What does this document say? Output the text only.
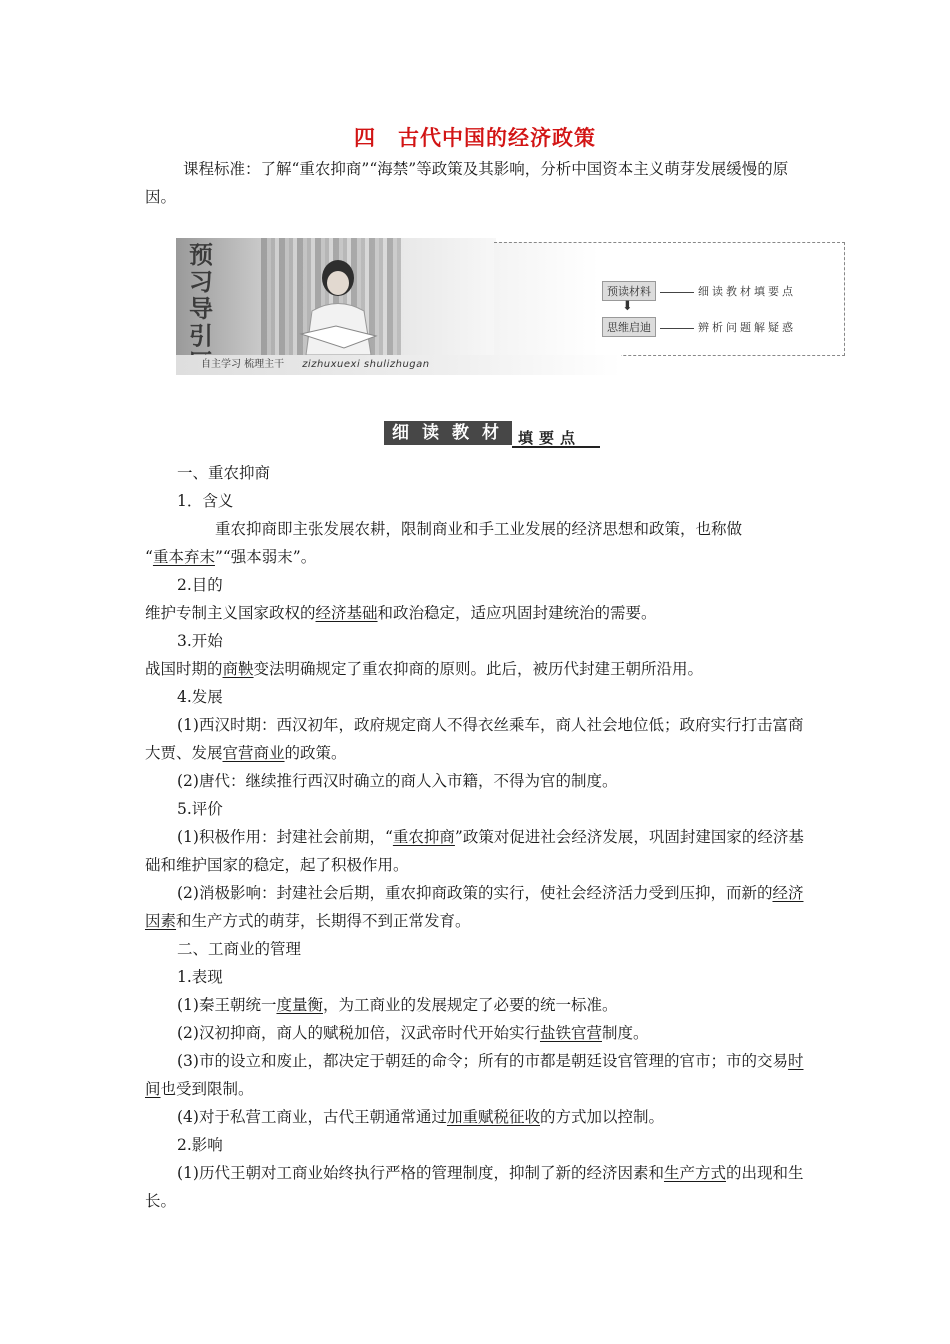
四 古代中国的经济政策
课程标准：了解“重农抑商”“海禁”等政策及其影响，分析中国资本主义萌芽发展缓慢的原因。
预
习
导
引
预读材料	细读教材填要点
⬇
思维启迪	辨析问题解疑惑
自主学习 梳理主干 zizhuxuexi shulizhugan
细读教材 填要点

一、重农抑商

1．含义

重农抑商即主张发展农耕，限制商业和手工业发展的经济思想和政策，也称做

“重本弃末”“强本弱末”。

2.目的

维护专制主义国家政权的经济基础和政治稳定，适应巩固封建统治的需要。

3.开始

战国时期的商鞅变法明确规定了重农抑商的原则。此后，被历代封建王朝所沿用。

4.发展

(1)西汉时期：西汉初年，政府规定商人不得衣丝乘车，商人社会地位低；政府实行打击富商大贾、发展官营商业的政策。

(2)唐代：继续推行西汉时确立的商人入市籍，不得为官的制度。

5.评价

(1)积极作用：封建社会前期，“重农抑商”政策对促进社会经济发展，巩固封建国家的经济基础和维护国家的稳定，起了积极作用。

(2)消极影响：封建社会后期，重农抑商政策的实行，使社会经济活力受到压抑，而新的经济因素和生产方式的萌芽，长期得不到正常发育。

二、工商业的管理

1.表现

(1)秦王朝统一度量衡，为工商业的发展规定了必要的统一标准。

(2)汉初抑商，商人的赋税加倍，汉武帝时代开始实行盐铁官营制度。

(3)市的设立和废止，都决定于朝廷的命令；所有的市都是朝廷设官管理的官市；市的交易时间也受到限制。

(4)对于私营工商业，古代王朝通常通过加重赋税征收的方式加以控制。

2.影响

(1)历代王朝对工商业始终执行严格的管理制度，抑制了新的经济因素和生产方式的出现和生长。
